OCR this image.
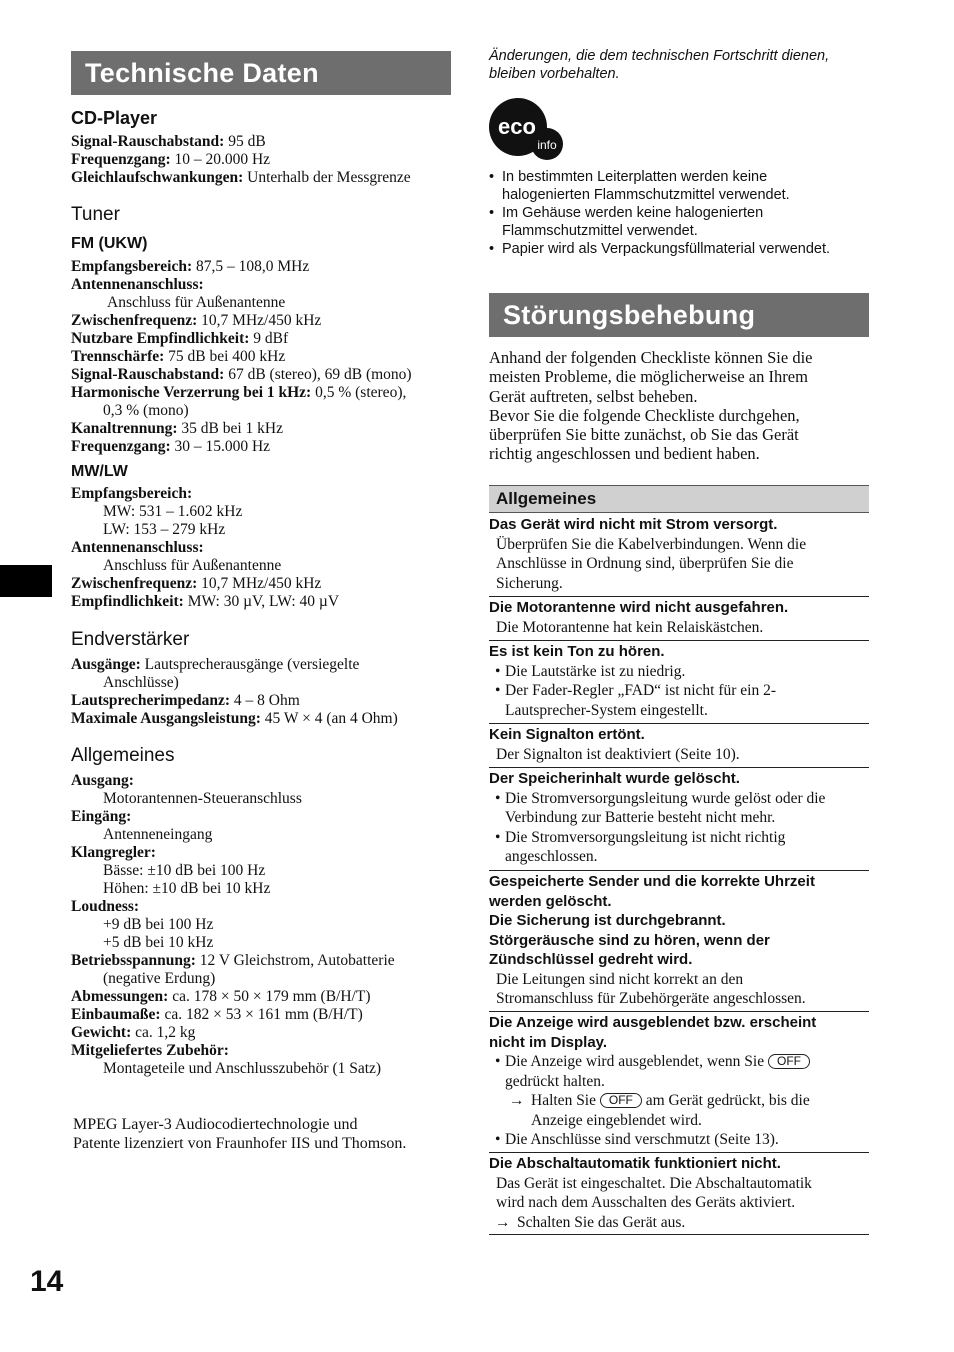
Technische Daten
CD-Player
Signal-Rauschabstand: 95 dB
Frequenzgang: 10 – 20.000 Hz
Gleichlaufschwankungen: Unterhalb der Messgrenze
Tuner
FM (UKW)
Empfangsbereich: 87,5 – 108,0 MHz
Antennenanschluss:
Anschluss für Außenantenne
Zwischenfrequenz: 10,7 MHz/450 kHz
Nutzbare Empfindlichkeit: 9 dBf
Trennschärfe: 75 dB bei 400 kHz
Signal-Rauschabstand: 67 dB (stereo), 69 dB (mono)
Harmonische Verzerrung bei 1 kHz: 0,5 % (stereo),
0,3 % (mono)
Kanaltrennung: 35 dB bei 1 kHz
Frequenzgang: 30 – 15.000 Hz
MW/LW
Empfangsbereich:
MW: 531 – 1.602 kHz
LW: 153 – 279 kHz
Antennenanschluss:
Anschluss für Außenantenne
Zwischenfrequenz: 10,7 MHz/450 kHz
Empfindlichkeit: MW: 30 µV, LW: 40 µV
Endverstärker
Ausgänge: Lautsprecherausgänge (versiegelte
Anschlüsse)
Lautsprecherimpedanz: 4 – 8 Ohm
Maximale Ausgangsleistung: 45 W × 4 (an 4 Ohm)
Allgemeines
Ausgang:
Motorantennen-Steueranschluss
Eingäng:
Antenneneingang
Klangregler:
Bässe: ±10 dB bei 100 Hz
Höhen: ±10 dB bei 10 kHz
Loudness:
+9 dB bei 100 Hz
+5 dB bei 10 kHz
Betriebsspannung: 12 V Gleichstrom, Autobatterie
(negative Erdung)
Abmessungen: ca. 178 × 50 × 179 mm (B/H/T)
Einbaumaße: ca. 182 × 53 × 161 mm (B/H/T)
Gewicht: ca. 1,2 kg
Mitgeliefertes Zubehör:
Montageteile und Anschlusszubehör (1 Satz)
MPEG Layer-3 Audiocodiertechnologie und
Patente lizenziert von Fraunhofer IIS und Thomson.
14
Änderungen, die dem technischen Fortschritt dienen,
bleiben vorbehalten.
eco
info
• In bestimmten Leiterplatten werden keine
halogenierten Flammschutzmittel verwendet.
• Im Gehäuse werden keine halogenierten
Flammschutzmittel verwendet.
• Papier wird als Verpackungsfüllmaterial verwendet.
Störungsbehebung
Anhand der folgenden Checkliste können Sie die
meisten Probleme, die möglicherweise an Ihrem
Gerät auftreten, selbst beheben.
Bevor Sie die folgende Checkliste durchgehen,
überprüfen Sie bitte zunächst, ob Sie das Gerät
richtig angeschlossen und bedient haben.
Allgemeines
Das Gerät wird nicht mit Strom versorgt.
Überprüfen Sie die Kabelverbindungen. Wenn die
Anschlüsse in Ordnung sind, überprüfen Sie die
Sicherung.
Die Motorantenne wird nicht ausgefahren.
Die Motorantenne hat kein Relaiskästchen.
Es ist kein Ton zu hören.
• Die Lautstärke ist zu niedrig.
• Der Fader-Regler „FAD“ ist nicht für ein 2-
Lautsprecher-System eingestellt.
Kein Signalton ertönt.
Der Signalton ist deaktiviert (Seite 10).
Der Speicherinhalt wurde gelöscht.
• Die Stromversorgungsleitung wurde gelöst oder die
Verbindung zur Batterie besteht nicht mehr.
• Die Stromversorgungsleitung ist nicht richtig
angeschlossen.
Gespeicherte Sender und die korrekte Uhrzeit
werden gelöscht.
Die Sicherung ist durchgebrannt.
Störgeräusche sind zu hören, wenn der
Zündschlüssel gedreht wird.
Die Leitungen sind nicht korrekt an den
Stromanschluss für Zubehörgeräte angeschlossen.
Die Anzeige wird ausgeblendet bzw. erscheint
nicht im Display.
• Die Anzeige wird ausgeblendet, wenn Sie OFF
gedrückt halten.
→ Halten Sie OFF am Gerät gedrückt, bis die
Anzeige eingeblendet wird.
• Die Anschlüsse sind verschmutzt (Seite 13).
Die Abschaltautomatik funktioniert nicht.
Das Gerät ist eingeschaltet. Die Abschaltautomatik
wird nach dem Ausschalten des Geräts aktiviert.
→ Schalten Sie das Gerät aus.
